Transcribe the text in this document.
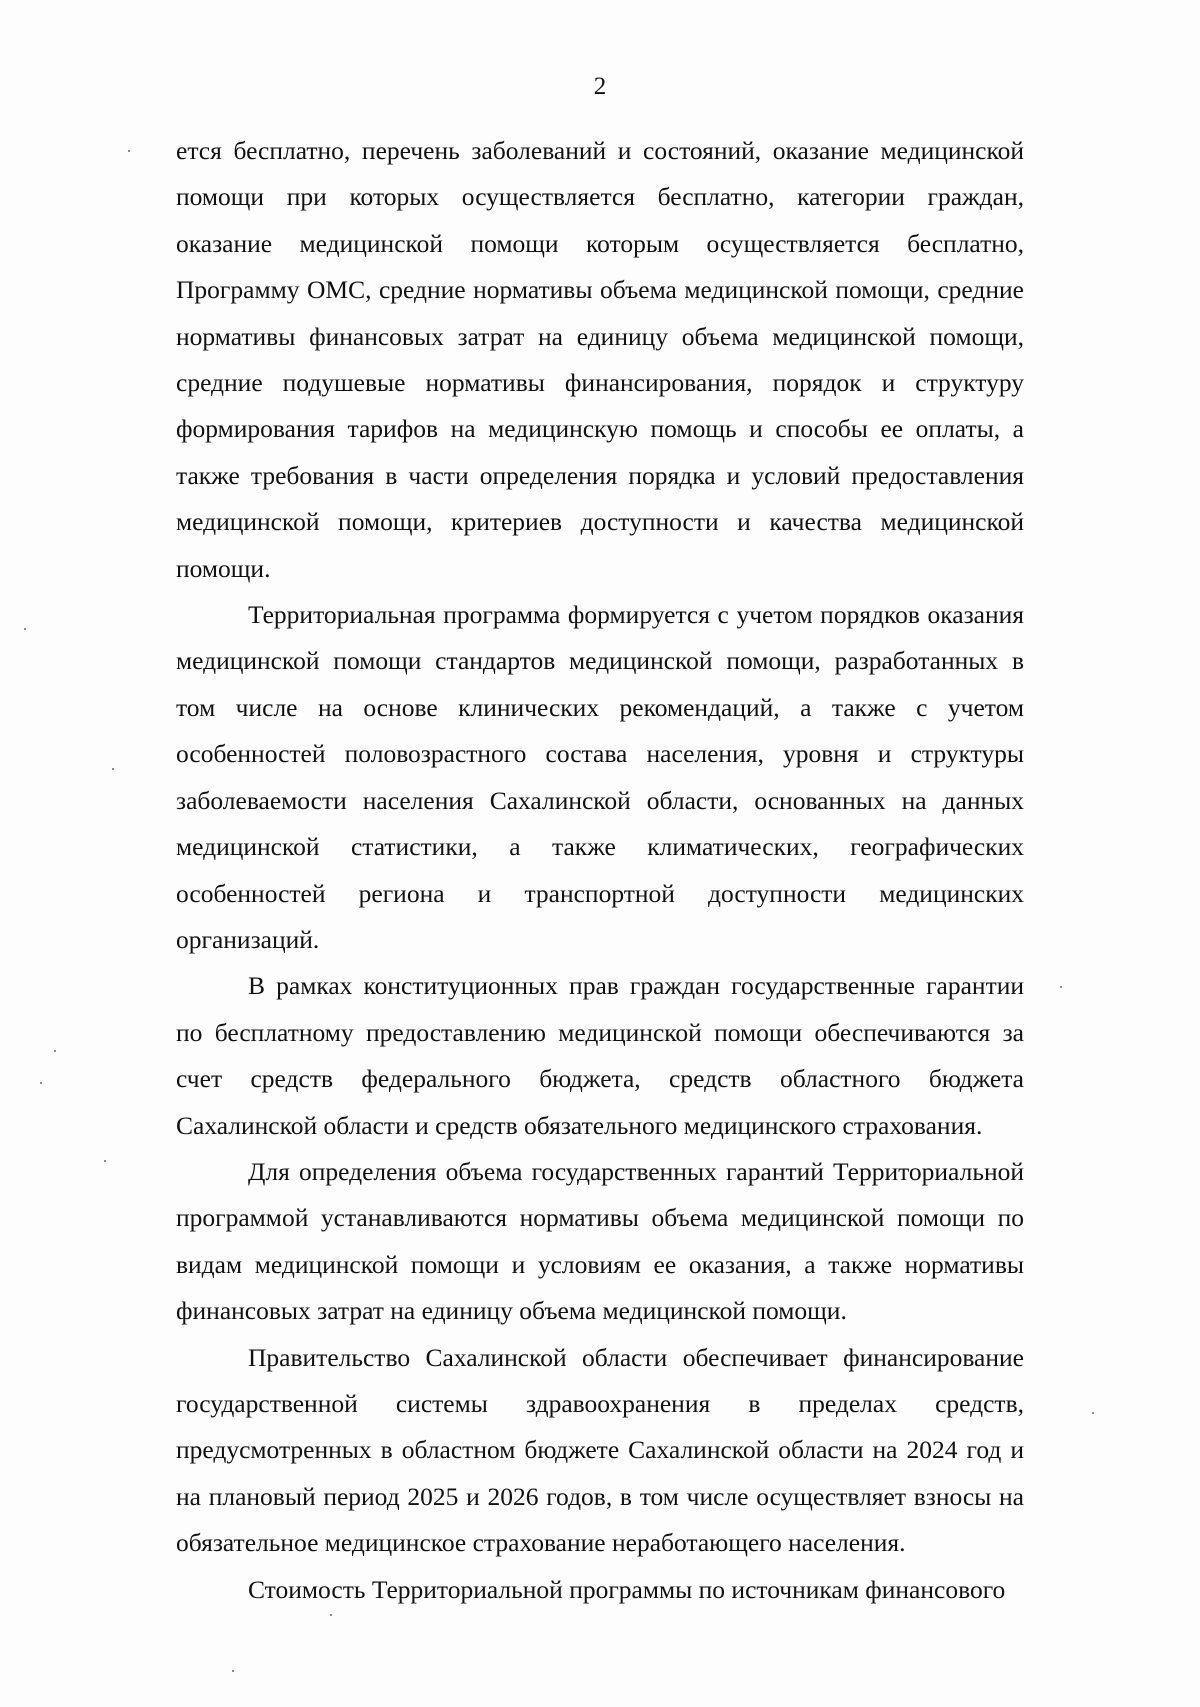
2

ется бесплатно, перечень заболеваний и состояний, оказание медицинской помощи при которых осуществляется бесплатно, категории граждан, оказание медицинской помощи которым осуществляется бесплатно, Программу ОМС, средние нормативы объема медицинской помощи, средние нормативы финансовых затрат на единицу объема медицинской помощи, средние подушевые нормативы финансирования, порядок и структуру формирования тарифов на медицинскую помощь и способы ее оплаты, а также требования в части определения порядка и условий предоставления медицинской помощи, критериев доступности и качества медицинской помощи.

Территориальная программа формируется с учетом порядков оказания медицинской помощи стандартов медицинской помощи, разработанных в том числе на основе клинических рекомендаций, а также с учетом особенностей половозрастного состава населения, уровня и структуры заболеваемости населения Сахалинской области, основанных на данных медицинской статистики, а также климатических, географических особенностей региона и транспортной доступности медицинских организаций.

В рамках конституционных прав граждан государственные гарантии по бесплатному предоставлению медицинской помощи обеспечиваются за счет средств федерального бюджета, средств областного бюджета Сахалинской области и средств обязательного медицинского страхования.

Для определения объема государственных гарантий Территориальной программой устанавливаются нормативы объема медицинской помощи по видам медицинской помощи и условиям ее оказания, а также нормативы финансовых затрат на единицу объема медицинской помощи.

Правительство Сахалинской области обеспечивает финансирование государственной системы здравоохранения в пределах средств, предусмотренных в областном бюджете Сахалинской области на 2024 год и на плановый период 2025 и 2026 годов, в том числе осуществляет взносы на обязательное медицинское страхование неработающего населения.

Стоимость Территориальной программы по источникам финансового
